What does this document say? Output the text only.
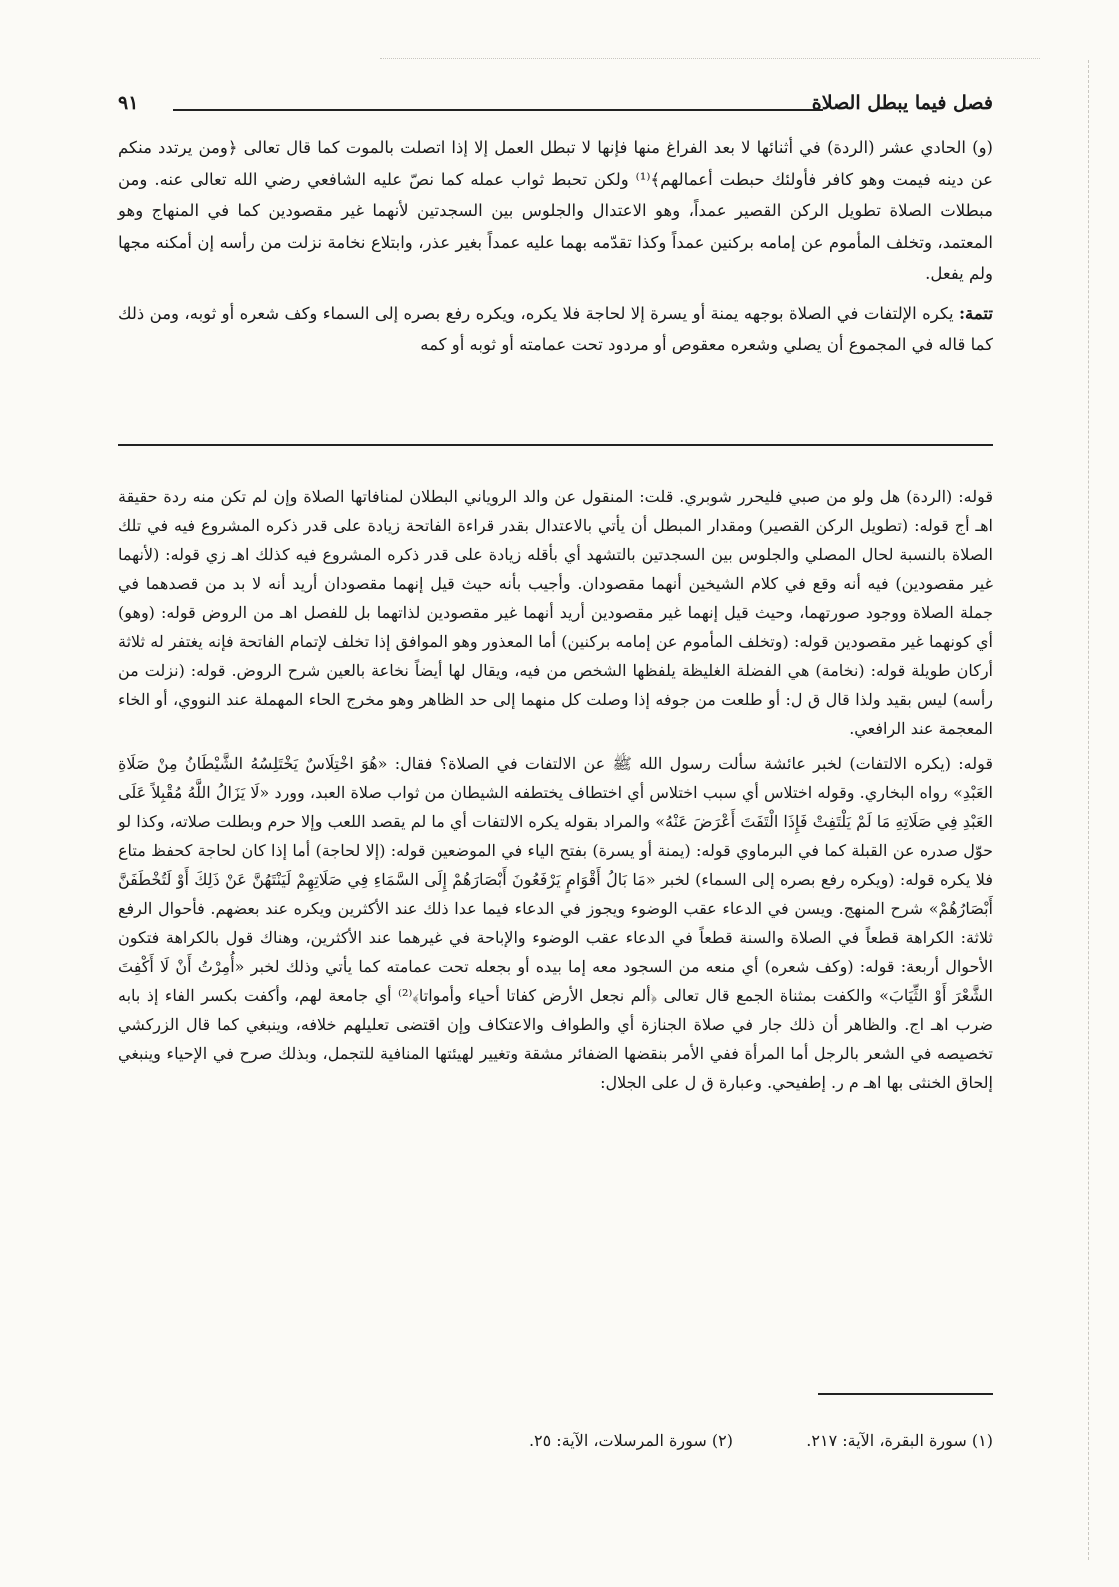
فصل فيما يبطل الصلاة
٩١

(و) الحادي عشر (الردة) في أثنائها لا بعد الفراغ منها فإنها لا تبطل العمل إلا إذا اتصلت بالموت كما قال تعالى ﴿ومن يرتدد منكم عن دينه فيمت وهو كافر فأولئك حبطت أعمالهم﴾⁽¹⁾ ولكن تحبط ثواب عمله كما نصّ عليه الشافعي رضي الله تعالى عنه. ومن مبطلات الصلاة تطويل الركن القصير عمداً، وهو الاعتدال والجلوس بين السجدتين لأنهما غير مقصودين كما في المنهاج وهو المعتمد، وتخلف المأموم عن إمامه بركنين عمداً وكذا تقدّمه بهما عليه عمداً بغير عذر، وابتلاع نخامة نزلت من رأسه إن أمكنه مجها ولم يفعل.

تتمة: يكره الإلتفات في الصلاة بوجهه يمنة أو يسرة إلا لحاجة فلا يكره، ويكره رفع بصره إلى السماء وكف شعره أو ثوبه، ومن ذلك كما قاله في المجموع أن يصلي وشعره معقوص أو مردود تحت عمامته أو ثوبه أو كمه

قوله: (الردة) هل ولو من صبي فليحرر شوبري. قلت: المنقول عن والد الروياني البطلان لمنافاتها الصلاة وإن لم تكن منه ردة حقيقة اهـ أج قوله: (تطويل الركن القصير) ومقدار المبطل أن يأتي بالاعتدال بقدر قراءة الفاتحة زيادة على قدر ذكره المشروع فيه في تلك الصلاة بالنسبة لحال المصلي والجلوس بين السجدتين بالتشهد أي بأقله زيادة على قدر ذكره المشروع فيه كذلك اهـ زي قوله: (لأنهما غير مقصودين) فيه أنه وقع في كلام الشيخين أنهما مقصودان. وأجيب بأنه حيث قيل إنهما مقصودان أريد أنه لا بد من قصدهما في جملة الصلاة ووجود صورتهما، وحيث قيل إنهما غير مقصودين أريد أنهما غير مقصودين لذاتهما بل للفصل اهـ من الروض قوله: (وهو) أي كونهما غير مقصودين قوله: (وتخلف المأموم عن إمامه بركنين) أما المعذور وهو الموافق إذا تخلف لإتمام الفاتحة فإنه يغتفر له ثلاثة أركان طويلة قوله: (نخامة) هي الفضلة الغليظة يلفظها الشخص من فيه، ويقال لها أيضاً نخاعة بالعين شرح الروض. قوله: (نزلت من رأسه) ليس بقيد ولذا قال ق ل: أو طلعت من جوفه إذا وصلت كل منهما إلى حد الظاهر وهو مخرج الحاء المهملة عند النووي، أو الخاء المعجمة عند الرافعي.

قوله: (يكره الالتفات) لخبر عائشة سألت رسول الله ﷺ عن الالتفات في الصلاة؟ فقال: «هُوَ اخْتِلَاسٌ يَخْتَلِسُهُ الشَّيْطَانُ مِنْ صَلَاةِ العَبْدِ» رواه البخاري. وقوله اختلاس أي سبب اختلاس أي اختطاف يختطفه الشيطان من ثواب صلاة العبد، وورد «لَا يَزَالُ اللَّهُ مُقْبِلاً عَلَى العَبْدِ فِي صَلَاتِهِ مَا لَمْ يَلْتَفِتْ فَإِذَا الْتَفَتَ أَعْرَضَ عَنْهُ» والمراد بقوله يكره الالتفات أي ما لم يقصد اللعب وإلا حرم وبطلت صلاته، وكذا لو حوّل صدره عن القبلة كما في البرماوي قوله: (يمنة أو يسرة) بفتح الياء في الموضعين قوله: (إلا لحاجة) أما إذا كان لحاجة كحفظ متاع فلا يكره قوله: (ويكره رفع بصره إلى السماء) لخبر «مَا بَالُ أَقْوَامٍ يَرْفَعُونَ أَبْصَارَهُمْ إِلَى السَّمَاءِ فِي صَلَاتِهِمْ لَيَنْتَهُنَّ عَنْ ذَلِكَ أَوْ لَتُخْطَفَنَّ أَبْصَارُهُمْ» شرح المنهج. ويسن في الدعاء عقب الوضوء ويجوز في الدعاء فيما عدا ذلك عند الأكثرين ويكره عند بعضهم. فأحوال الرفع ثلاثة: الكراهة قطعاً في الصلاة والسنة قطعاً في الدعاء عقب الوضوء والإباحة في غيرهما عند الأكثرين، وهناك قول بالكراهة فتكون الأحوال أربعة: قوله: (وكف شعره) أي منعه من السجود معه إما بيده أو بجعله تحت عمامته كما يأتي وذلك لخبر «أُمِرْتُ أَنْ لَا أَكْفِتَ الشَّعْرَ أَوْ الثِّيَابَ» والكفت بمثناة الجمع قال تعالى ﴿ألم نجعل الأرض كفاتا أحياء وأمواتا﴾⁽²⁾ أي جامعة لهم، وأكفت بكسر الفاء إذ بابه ضرب اهـ اج. والظاهر أن ذلك جار في صلاة الجنازة أي والطواف والاعتكاف وإن اقتضى تعليلهم خلافه، وينبغي كما قال الزركشي تخصيصه في الشعر بالرجل أما المرأة ففي الأمر بنقضها الضفائر مشقة وتغيير لهيئتها المنافية للتجمل، وبذلك صرح في الإحياء وينبغي إلحاق الخنثى بها اهـ م ر. إطفيحي. وعبارة ق ل على الجلال:

(١) سورة البقرة، الآية: ٢١٧.
(٢) سورة المرسلات، الآية: ٢٥.
